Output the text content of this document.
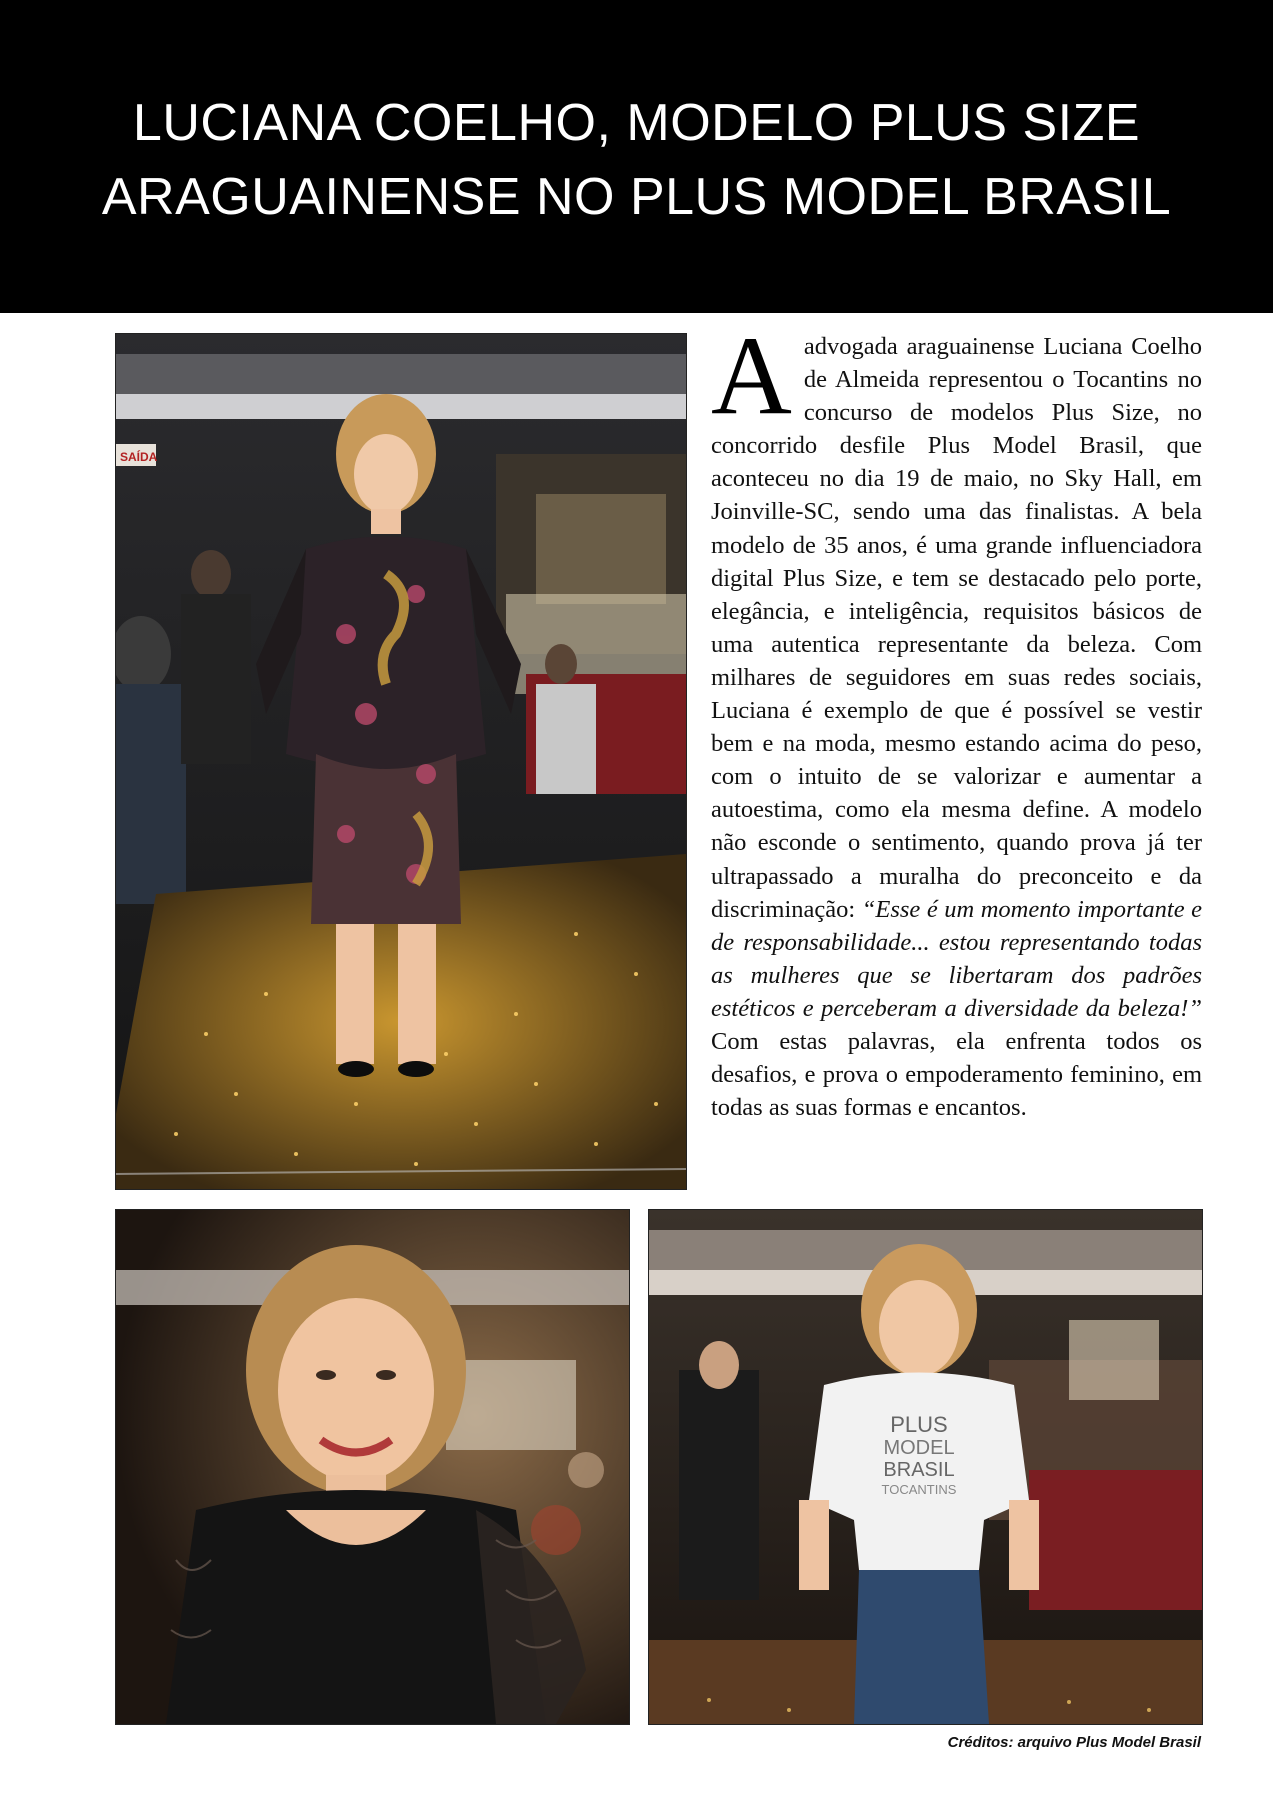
LUCIANA COELHO, MODELO PLUS SIZE
ARAGUAINENSE NO PLUS MODEL BRASIL
SAÍDA
A advogada araguainense Luciana Coelho de Almeida representou o Tocantins no concurso de modelos Plus Size, no concorrido desfile Plus Model Brasil, que aconteceu no dia 19 de maio, no Sky Hall, em Joinville-SC, sendo uma das finalistas. A bela modelo de 35 anos, é uma grande influenciadora digital Plus Size, e tem se destacado pelo porte, elegância, e inteligência, requisitos básicos de uma autentica representante da beleza. Com milhares de seguidores em suas redes sociais, Luciana é exemplo de que é possível se vestir bem e na moda, mesmo estando acima do peso, com o intuito de se valorizar e aumentar a autoestima, como ela mesma define. A modelo não esconde o sentimento, quando prova já ter ultrapassado a muralha do preconceito e da discriminação: “Esse é um momento importante e de responsabilidade... estou representando todas as mulheres que se libertaram dos padrões estéticos e perceberam a diversidade da beleza!” Com estas palavras, ela enfrenta todos os desafios, e prova o empoderamento feminino, em todas as suas formas e encantos.
PLUS
MODEL
BRASIL
TOCANTINS
Créditos: arquivo Plus Model Brasil
